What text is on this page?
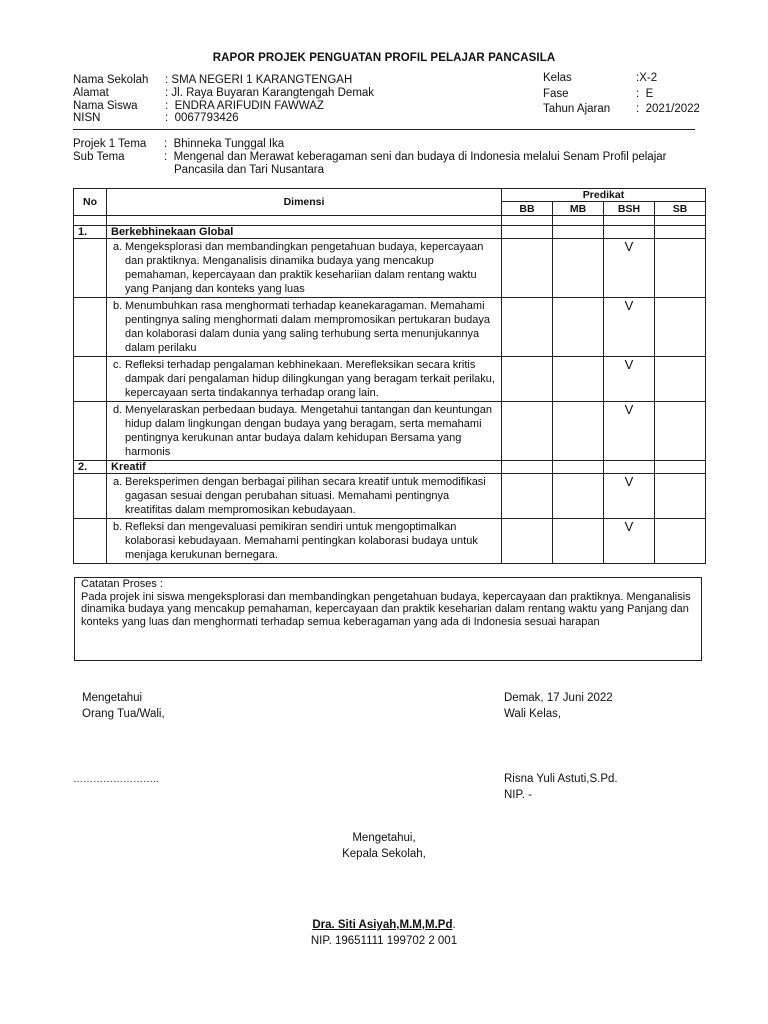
RAPOR PROJEK PENGUATAN PROFIL PELAJAR PANCASILA
Nama Sekolah : SMA NEGERI 1 KARANGTENGAH
Alamat	: Jl. Raya Buyaran Karangtengah Demak
Nama Siswa :  ENDRA ARIFUDIN FAWWAZ
NISN	:  0067793426
Kelas	:X-2
Fase	: E
Tahun Ajaran : 2021/2022
Projek 1 Tema :  Bhinneka Tunggal Ika
Sub Tema	:  Mengenal dan Merawat keberagaman seni dan budaya di Indonesia melalui Senam Profil pelajar
Pancasila dan Tari Nusantara
No	Dimensi	Predikat			
		BB	MB	BSH	SB

1.	Berkebhinekaan Global				
	a. Mengeksplorasi dan membandingkan pengetahuan budaya, kepercayaan dan praktiknya. Menganalisis dinamika budaya yang mencakup pemahaman, kepercayaan dan praktik kesehariian dalam rentang waktu yang Panjang dan konteks yang luas			V	
	b. Menumbuhkan rasa menghormati terhadap keanekaragaman. Memahami pentingnya saling menghormati dalam mempromosikan pertukaran budaya dan kolaborasi dalam dunia yang saling terhubung serta menunjukannya dalam perilaku			V	
	c. Refleksi terhadap pengalaman kebhinekaan. Merefleksikan secara kritis dampak dari pengalaman hidup dilingkungan yang beragam terkait perilaku, kepercayaan serta tindakannya terhadap orang lain.			V	
	d. Menyelaraskan perbedaan budaya. Mengetahui tantangan dan keuntungan hidup dalam lingkungan dengan budaya yang beragam, serta memahami pentingnya kerukunan antar budaya dalam kehidupan Bersama yang harmonis			V	
2.	Kreatif				
	a. Bereksperimen dengan berbagai pilihan secara kreatif untuk memodifikasi gagasan sesuai dengan perubahan situasi. Memahami pentingnya kreatifitas dalam mempromosikan kebudayaan.			V	
	b. Refleksi dan mengevaluasi pemikiran sendiri untuk mengoptimalkan kolaborasi kebudayaan. Memahami pentingkan kolaborasi budaya untuk menjaga kerukunan bernegara.			V	
Catatan Proses :
Pada projek ini siswa mengeksplorasi dan membandingkan pengetahuan budaya, kepercayaan dan praktiknya. Menganalisis dinamika budaya yang mencakup pemahaman, kepercayaan dan praktik keseharian dalam rentang waktu yang Panjang dan konteks yang luas dan menghormati terhadap semua keberagaman yang ada di Indonesia sesuai harapan
Mengetahui
Orang Tua/Wali,
……………………..
Demak, 17 Juni 2022
Wali Kelas,
Risna Yuli Astuti,S.Pd.
NIP. -
Mengetahui,
Kepala Sekolah,
Dra. Siti Asiyah,M.M,M.Pd.
NIP. 19651111 199702 2 001
